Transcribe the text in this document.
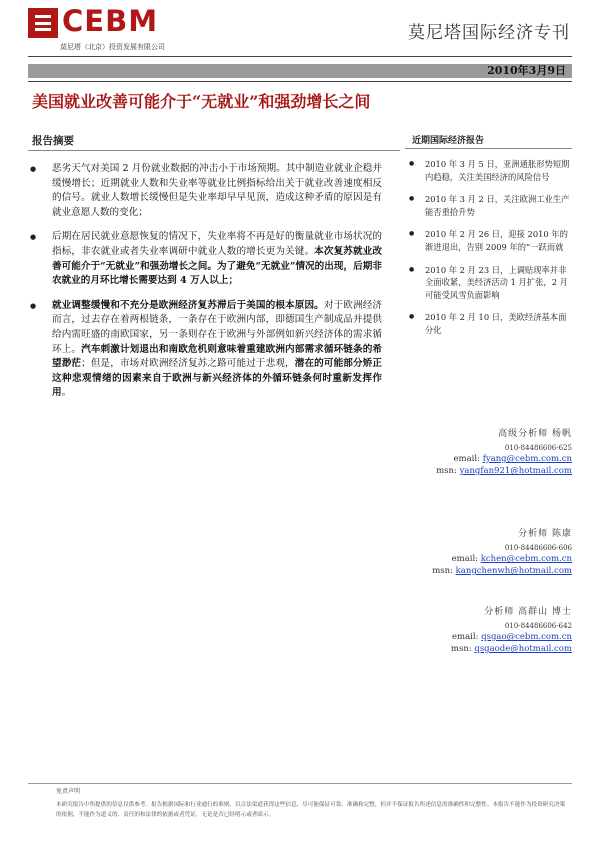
CEBM
莫尼塔（北京）投资发展有限公司
莫尼塔国际经济专刊
2010年3月9日
美国就业改善可能介于“无就业”和强劲增长之间
报告摘要
● 恶劣天气对美国 2 月份就业数据的冲击小于市场预期。其中制造业就业企稳并缓慢增长；近期就业人数和失业率等就业比例指标给出关于就业改善速度相反的信号。就业人数增长缓慢但是失业率却早早见顶，造成这种矛盾的原因是有就业意愿人数的变化；
● 后期在居民就业意愿恢复的情况下，失业率将不再是好的衡量就业市场状况的指标，非农就业或者失业率调研中就业人数的增长更为关键。本次复苏就业改善可能介于“无就业”和强劲增长之间。为了避免“无就业”情况的出现，后期非农就业的月环比增长需要达到 4 万人以上；
● 就业调整缓慢和不充分是欧洲经济复苏滞后于美国的根本原因。对于欧洲经济而言，过去存在着两根链条，一条存在于欧洲内部，即德国生产制成品并提供给内需旺盛的南欧国家，另一条则存在于欧洲与外部例如新兴经济体的需求循环上。汽车刺激计划退出和南欧危机则意味着重建欧洲内部需求循环链条的希望渺茫；但是，市场对欧洲经济复苏之路可能过于悲观，潜在的可能部分矫正这种悲观情绪的因素来自于欧洲与新兴经济体的外循环链条何时重新发挥作用。
近期国际经济报告
● 2010 年 3 月 5 日，亚洲通胀形势短期内趋稳，关注美国经济的风险信号
● 2010 年 3 月 2 日，关注欧洲工业生产能否重拾升势
● 2010 年 2 月 26 日，迎接 2010 年的渐进退出，告别 2009 年的“一跃而就
● 2010 年 2 月 23 日，上调贴现率并非全面收紧，美经济活动 1 月扩张，2 月可能受风雪负面影响
● 2010 年 2 月 10 日，美欧经济基本面分化
高级分析师 杨帆
010-84486606-625
email: fyang@cebm.com.cn
msn: yangfan921@hotmail.com
分析师 陈康
010-84486606-606
email: kchen@cebm.com.cn
msn: kangchenwh@hotmail.com
分析师 高群山 博士
010-84486606-642
email: qsgao@cebm.com.cn
msn: qsgaode@hotmail.com
免责声明
本研究报告中所提供的信息仅供参考。报告根据国际和行业通行的准则，以合法渠道获得这些信息，尽可能保证可靠、准确和完整，但并不保证报告所述信息的准确性和完整性。本报告不能作为投资研究决策的依据，不能作为道义的、责任的和法律的依据或者凭证，无论是否已经明示或者暗示。
